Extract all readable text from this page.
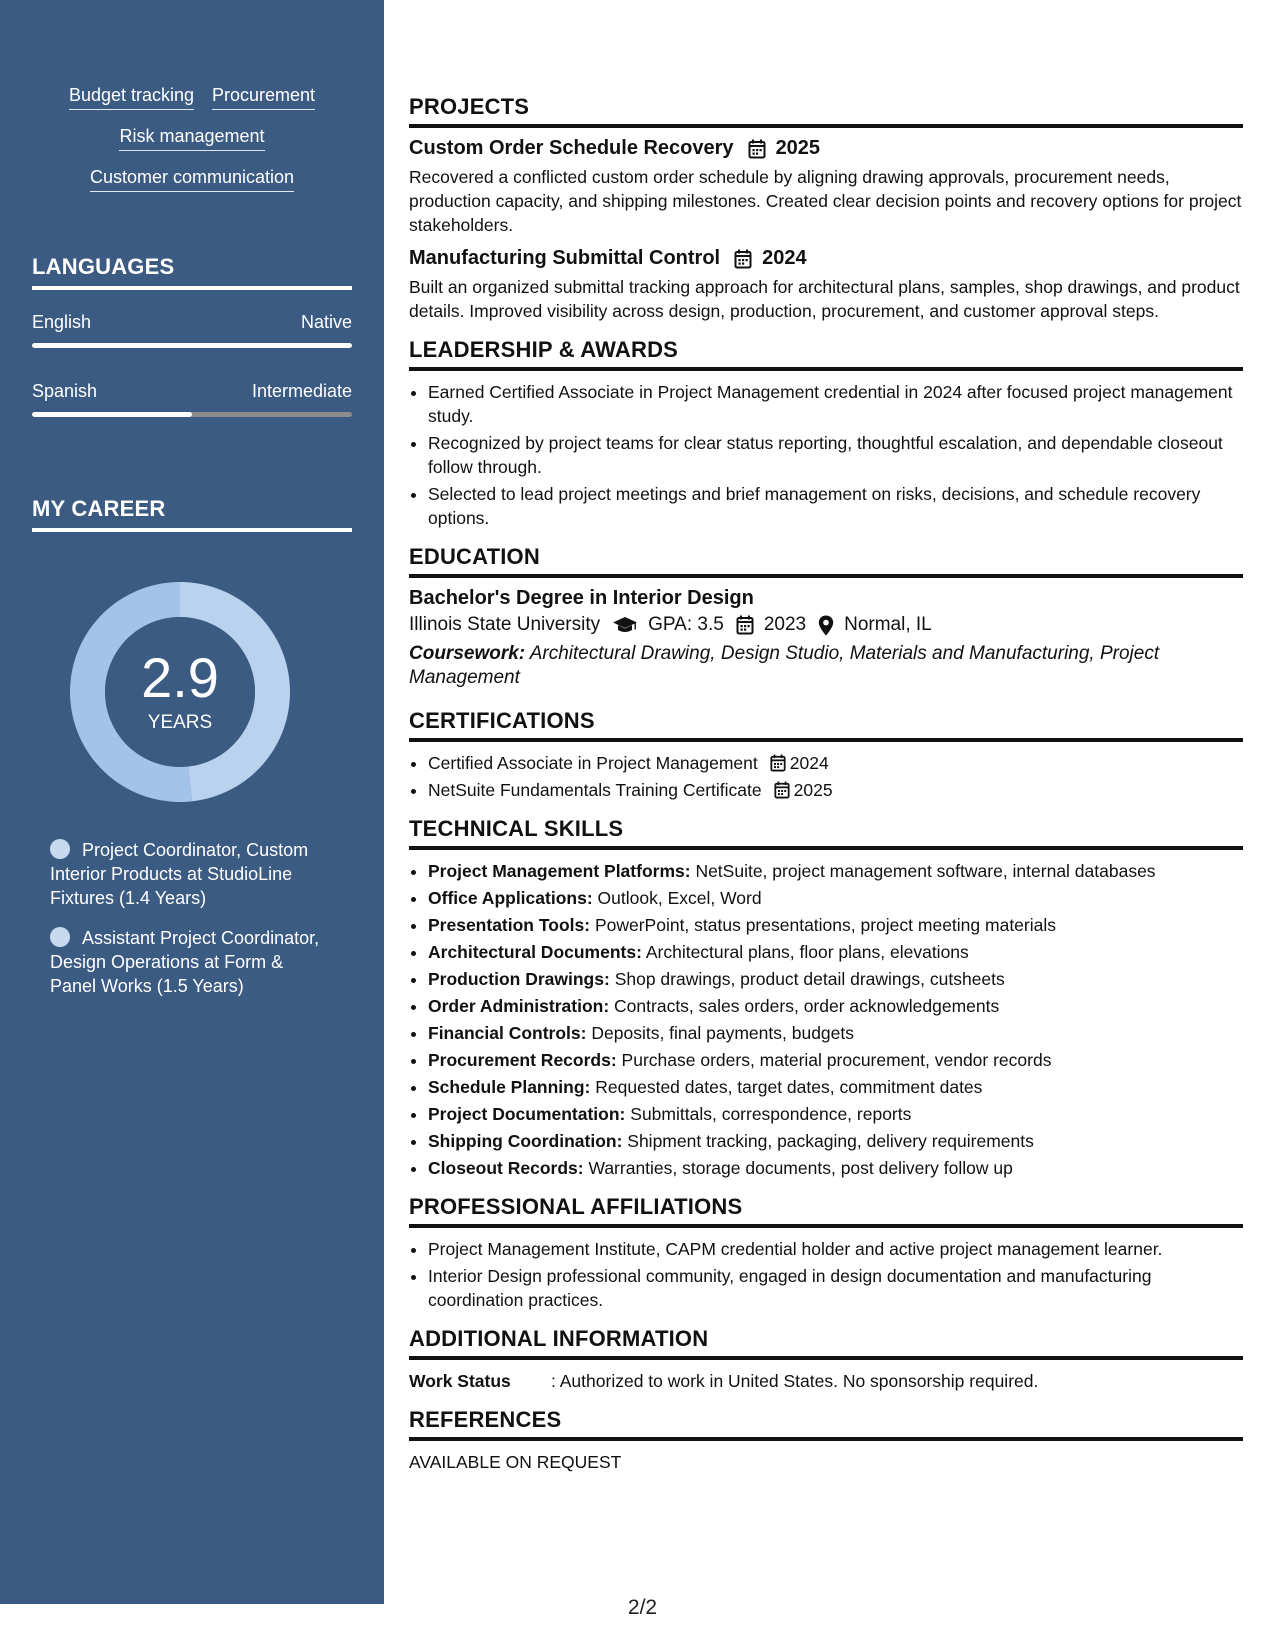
Budget tracking Procurement
Risk management
Customer communication
LANGUAGES
English	Native
Spanish	Intermediate
MY CAREER
2.9
YEARS
Project Coordinator, Custom Interior Products at StudioLine Fixtures (1.4 Years)
Assistant Project Coordinator, Design Operations at Form & Panel Works (1.5 Years)
PROJECTS
Custom Order Schedule Recovery 2025
Recovered a conflicted custom order schedule by aligning drawing approvals, procurement needs, production capacity, and shipping milestones. Created clear decision points and recovery options for project stakeholders.
Manufacturing Submittal Control 2024
Built an organized submittal tracking approach for architectural plans, samples, shop drawings, and product details. Improved visibility across design, production, procurement, and customer approval steps.
LEADERSHIP & AWARDS
• Earned Certified Associate in Project Management credential in 2024 after focused project management study.
• Recognized by project teams for clear status reporting, thoughtful escalation, and dependable closeout follow through.
• Selected to lead project meetings and brief management on risks, decisions, and schedule recovery options.
EDUCATION
Bachelor's Degree in Interior Design
Illinois State University	GPA: 3.5 2023 Normal, IL
Coursework: Architectural Drawing, Design Studio, Materials and Manufacturing, Project Management
CERTIFICATIONS
• Certified Associate in Project Management 2024
• NetSuite Fundamentals Training Certificate 2025
TECHNICAL SKILLS
• Project Management Platforms: NetSuite, project management software, internal databases
• Office Applications: Outlook, Excel, Word
• Presentation Tools: PowerPoint, status presentations, project meeting materials
• Architectural Documents: Architectural plans, floor plans, elevations
• Production Drawings: Shop drawings, product detail drawings, cutsheets
• Order Administration: Contracts, sales orders, order acknowledgements
• Financial Controls: Deposits, final payments, budgets
• Procurement Records: Purchase orders, material procurement, vendor records
• Schedule Planning: Requested dates, target dates, commitment dates
• Project Documentation: Submittals, correspondence, reports
• Shipping Coordination: Shipment tracking, packaging, delivery requirements
• Closeout Records: Warranties, storage documents, post delivery follow up
PROFESSIONAL AFFILIATIONS
• Project Management Institute, CAPM credential holder and active project management learner.
• Interior Design professional community, engaged in design documentation and manufacturing coordination practices.
ADDITIONAL INFORMATION
Work Status	: Authorized to work in United States. No sponsorship required.
REFERENCES
AVAILABLE ON REQUEST
2/2
